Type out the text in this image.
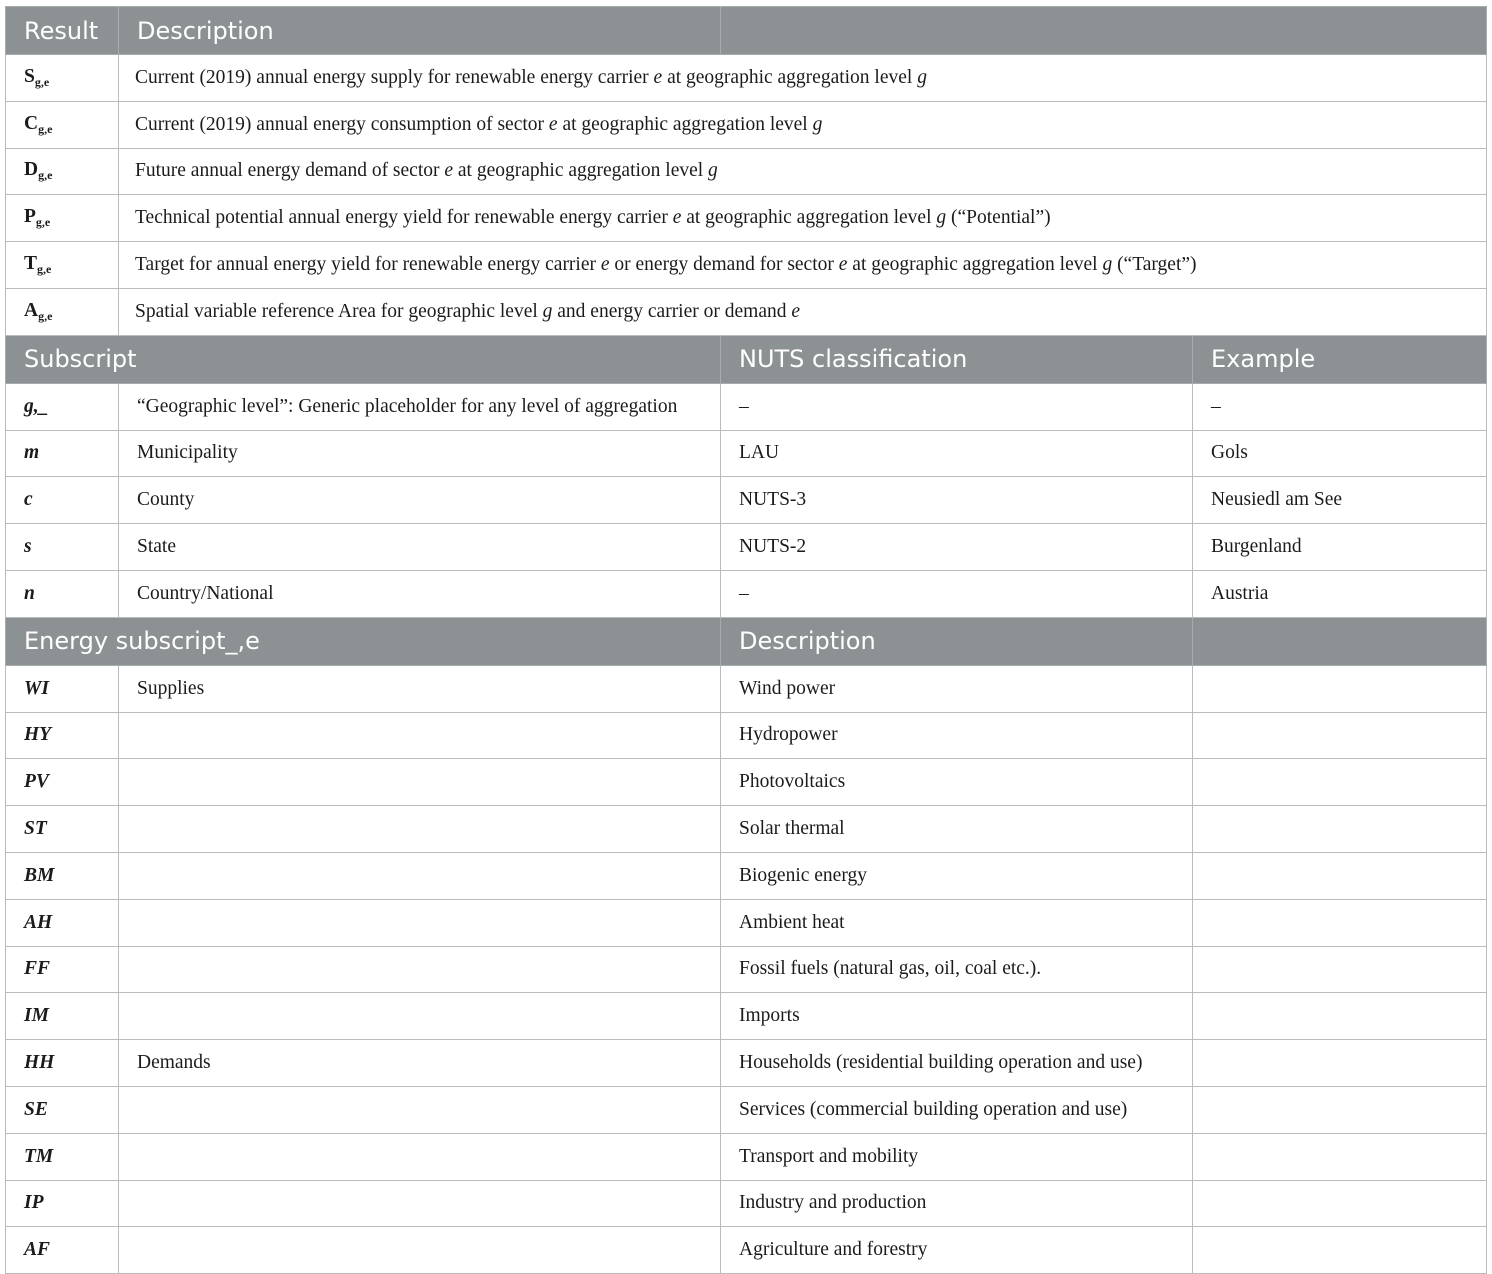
Result	Description		
$S_{g,e}$	Current (2019) annual energy supply for renewable energy carrier e at geographic aggregation level g		
$C_{g,e}$	Current (2019) annual energy consumption of sector e at geographic aggregation level g		
$D_{g,e}$	Future annual energy demand of sector e at geographic aggregation level g		
$P_{g,e}$	Technical potential annual energy yield for renewable energy carrier e at geographic aggregation level g (“Potential”)		
$T_{g,e}$	Target for annual energy yield for renewable energy carrier e or energy demand for sector e at geographic aggregation level g (“Target”)		
$A_{g,e}$	Spatial variable reference Area for geographic level g and energy carrier or demand e		
Subscript		NUTS classification	Example
g,_	“Geographic level”: Generic placeholder for any level of aggregation	–	–
m	Municipality	LAU	Gols
c	County	NUTS-3	Neusiedl am See
s	State	NUTS-2	Burgenland
n	Country/National	–	Austria
Energy subscript_,e		Description	
WI	Supplies	Wind power	
HY		Hydropower	
PV		Photovoltaics	
ST		Solar thermal	
BM		Biogenic energy	
AH		Ambient heat	
FF		Fossil fuels (natural gas, oil, coal etc.).	
IM		Imports	
HH	Demands	Households (residential building operation and use)	
SE		Services (commercial building operation and use)	
TM		Transport and mobility	
IP		Industry and production	
AF		Agriculture and forestry	
